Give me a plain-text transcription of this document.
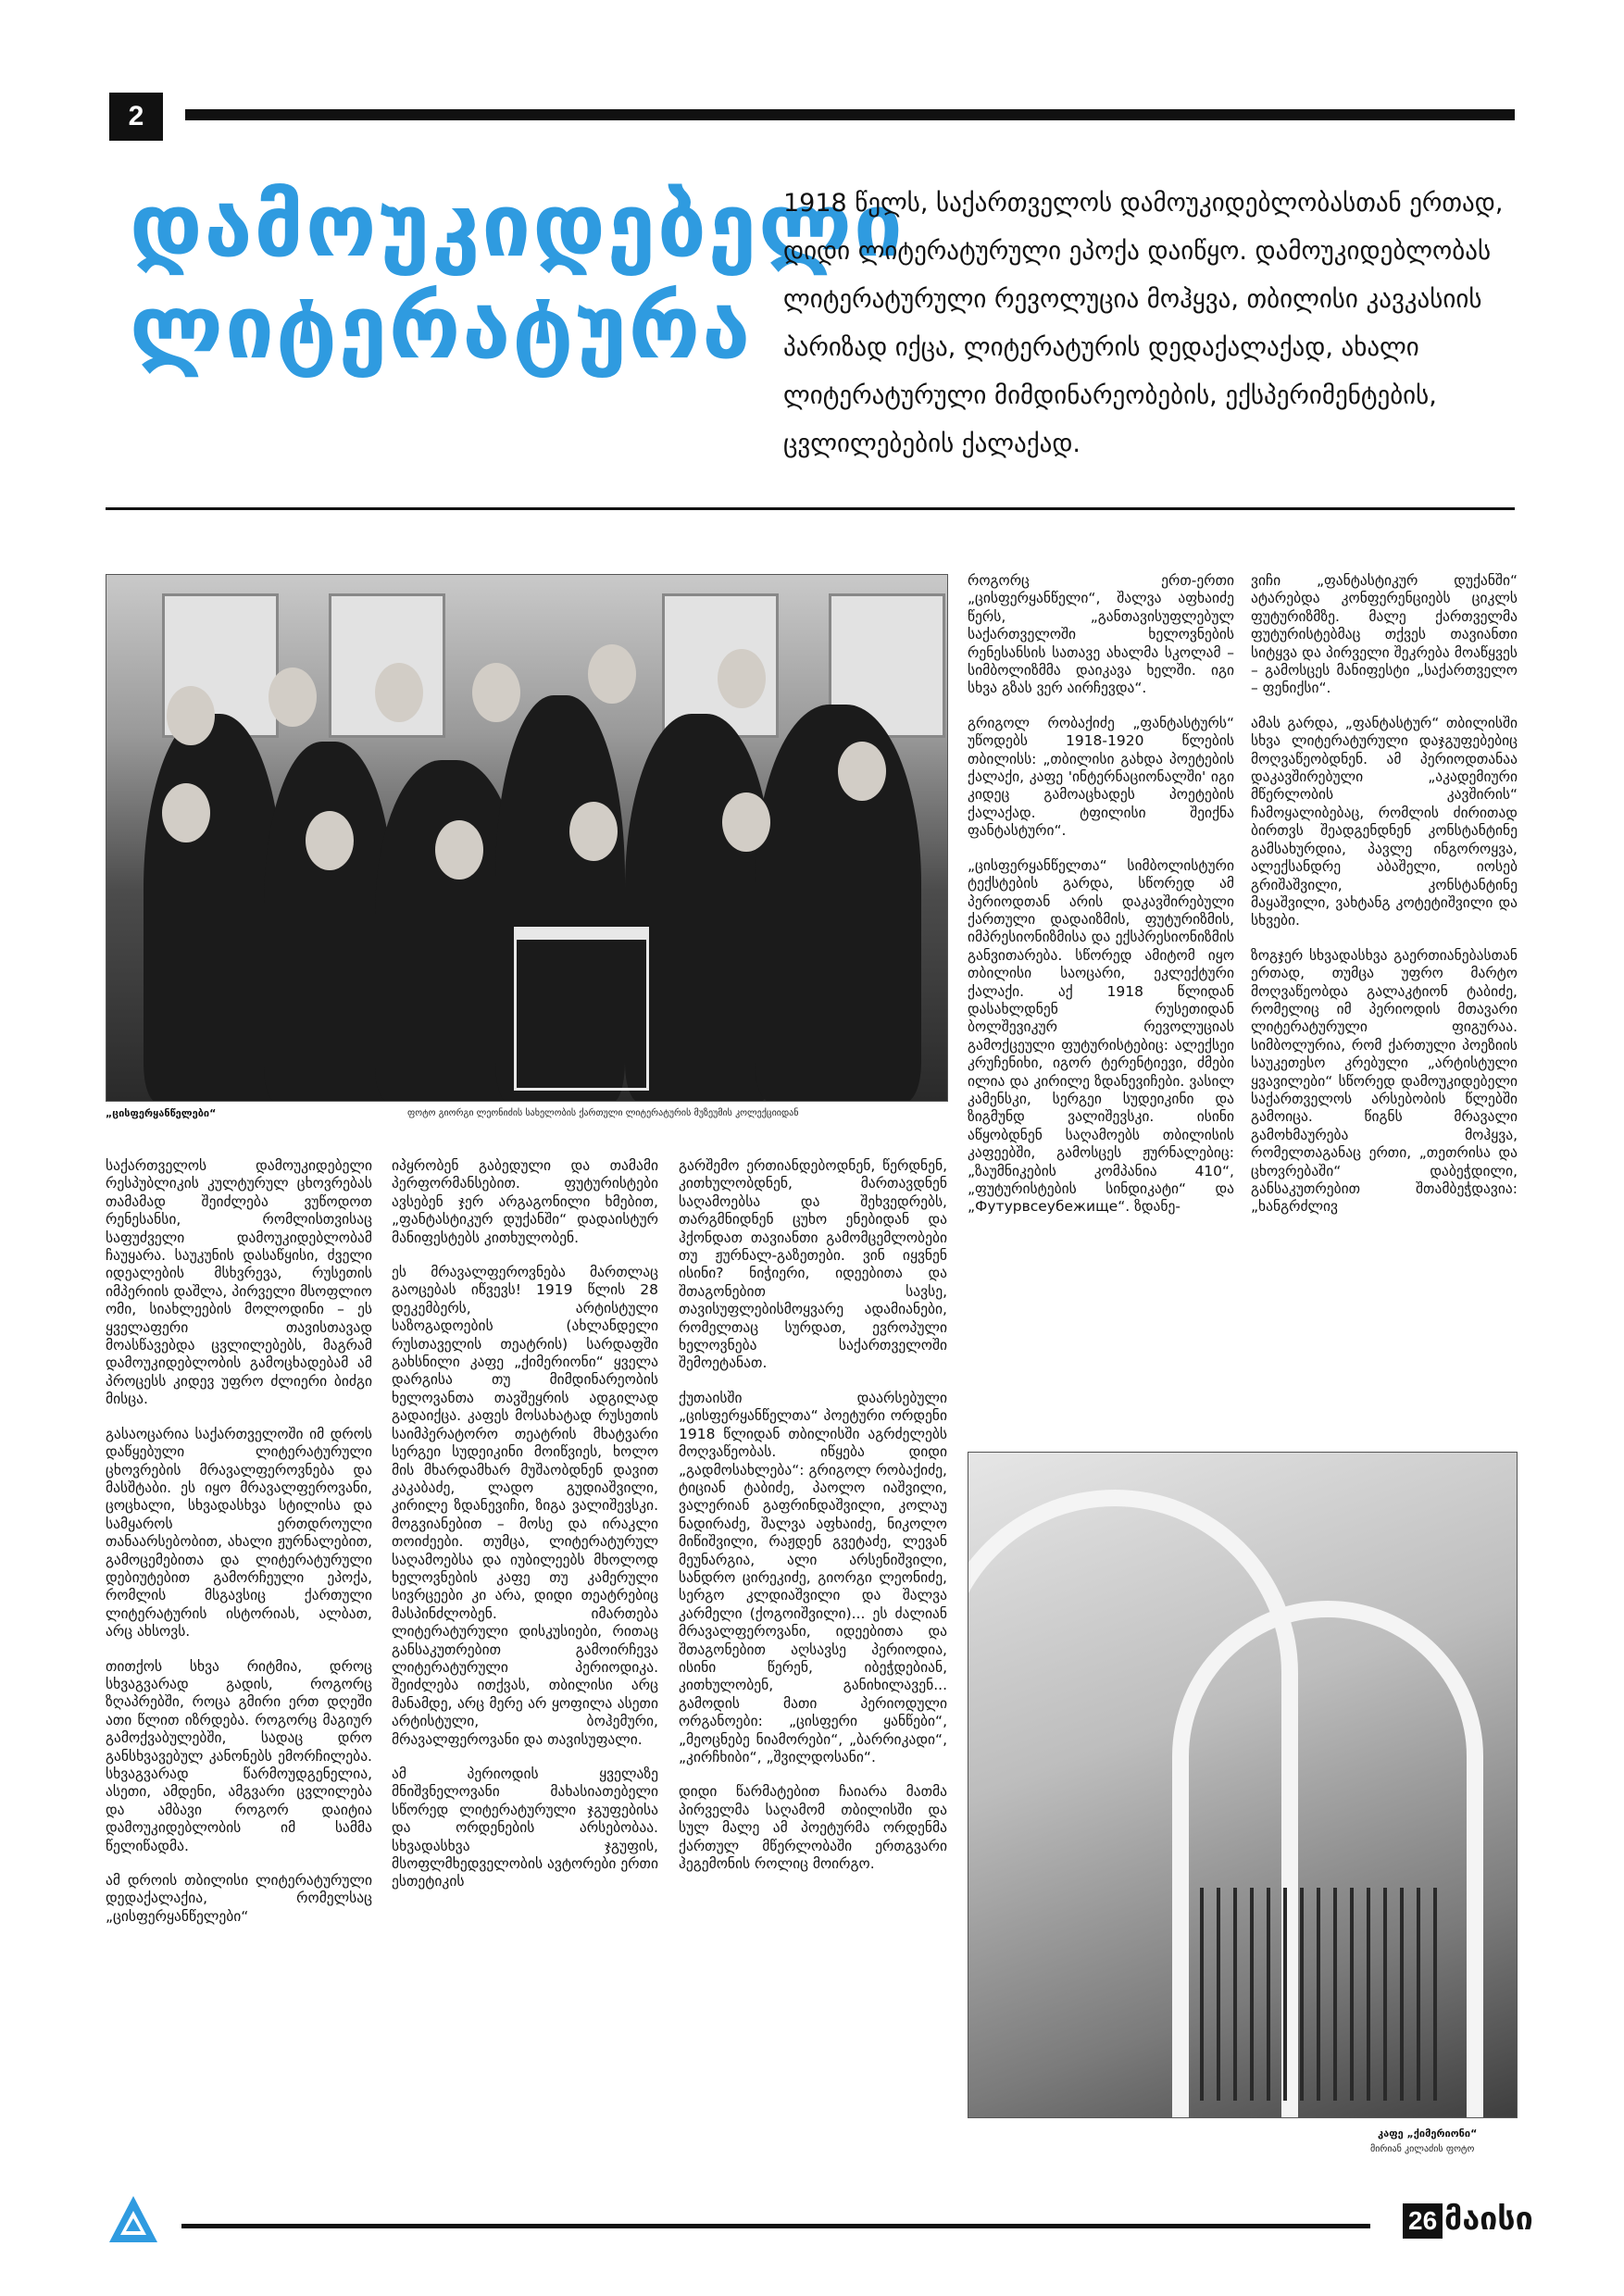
2
დამოუკიდებელი ლიტერატურა

1918 წელს, საქართველოს დამოუკიდებლობასთან ერთად, დიდი ლიტერატურული ეპოქა დაიწყო. დამოუკიდებლობას ლიტერატურული რევოლუცია მოჰყვა, თბილისი კავკასიის პარიზად იქცა, ლიტერატურის დედაქალაქად, ახალი ლიტერატურული მიმდინარეობების, ექსპერიმენტების, ცვლილებების ქალაქად.

„ცისფერყანწელები“	ფოტო გიორგი ლეონიძის სახელობის ქართული ლიტერატურის მუზეუმის კოლექციიდან

როგორც ერთ-ერთი „ცისფერყანწელი“, შალვა აფხაიძე წერს, „განთავისუფლებულ საქართველოში ხელოვნების რენესანსის სათავე ახალმა სკოლამ – სიმბოლიზმმა დაიკავა ხელში. იგი სხვა გზას ვერ აირჩევდა“.

გრიგოლ რობაქიძე „ფანტასტურს“ უწოდებს 1918-1920 წლების თბილისს: „თბილისი გახდა პოეტების ქალაქი, კაფე 'ინტერნაციონალში' იგი კიდეც გამოაცხადეს პოეტების ქალაქად. ტფილისი შეიქნა ფანტასტური“.

„ცისფერყანწელთა“ სიმბოლისტური ტექსტების გარდა, სწორედ ამ პერიოდთან არის დაკავშირებული ქართული დადაიზმის, ფუტურიზმის, იმპრესიონიზმისა და ექსპრესიონიზმის განვითარება. სწორედ ამიტომ იყო თბილისი საოცარი, ეკლექტური ქალაქი. აქ 1918 წლიდან დასახლდნენ რუსეთიდან ბოლშევიკურ რევოლუციას გამოქცეული ფუტურისტებიც: ალექსეი კრუჩენიხი, იგორ ტერენტიევი, ძმები ილია და კირილე ზდანევიჩები. ვასილ კამენსკი, სერგეი სუდეიკინი და ზიგმუნდ ვალიშევსკი. ისინი აწყობდნენ საღამოებს თბილისის კაფეებში, გამოსცეს ჟურნალებიც: „ზაუმნიკების კომპანია 410“, „ფუტურისტების სინდიკატი“ და „Футурвсеубежище“. ზდანე-

ვიჩი „ფანტასტიკურ დუქანში“ ატარებდა კონფერენციებს ციკლს ფუტურიზმზე. მალე ქართველმა ფუტურისტებმაც თქვეს თავიანთი სიტყვა და პირველი შეკრება მოაწყვეს – გამოსცეს მანიფესტი „საქართველო – ფენიქსი“.

ამას გარდა, „ფანტასტურ“ თბილისში სხვა ლიტერატურული დაჯგუფებებიც მოღვაწეობდნენ. ამ პერიოდთანაა დაკავშირებული „აკადემიური მწერლობის კავშირის“ ჩამოყალიბებაც, რომლის ძირითად ბირთვს შეადგენდნენ კონსტანტინე გამსახურდია, პავლე ინგოროყვა, ალექსანდრე აბაშელი, იოსებ გრიშაშვილი, კონსტანტინე მაყაშვილი, ვახტანგ კოტეტიშვილი და სხვები.

ზოგჯერ სხვადასხვა გაერთიანებასთან ერთად, თუმცა უფრო მარტო მოღვაწეობდა გალაკტიონ ტაბიძე, რომელიც იმ პერიოდის მთავარი ლიტერატურული ფიგურაა. სიმბოლურია, რომ ქართული პოეზიის საუკეთესო კრებული „არტისტული ყვავილები“ სწორედ დამოუკიდებელი საქართველოს არსებობის წლებში გამოიცა. წიგნს მრავალი გამოხმაურება მოჰყვა, რომელთაგანაც ერთი, „თეთრისა და ცხოვრებაში“ დაბეჭდილი, განსაკუთრებით შთამბეჭდავია: „ხანგრძლივ

საქართველოს დამოუკიდებელი რესპუბლიკის კულტურულ ცხოვრებას თამამად შეიძლება ვუწოდოთ რენესანსი, რომლისთვისაც საფუძველი დამოუკიდებლობამ ჩაუყარა. საუკუნის დასაწყისი, ძველი იდეალების მსხვრევა, რუსეთის იმპერიის დაშლა, პირველი მსოფლიო ომი, სიახლეების მოლოდინი – ეს ყველაფერი თავისთავად მოასწავებდა ცვლილებებს, მაგრამ დამოუკიდებლობის გამოცხადებამ ამ პროცესს კიდევ უფრო ძლიერი ბიძგი მისცა.

გასაოცარია საქართველოში იმ დროს დაწყებული ლიტერატურული ცხოვრების მრავალფეროვნება და მასშტაბი. ეს იყო მრავალფეროვანი, ცოცხალი, სხვადასხვა სტილისა და სამყაროს ერთდროული თანაარსებობით, ახალი ჟურნალებით, გამოცემებითა და ლიტერატურული დებიუტებით გამორჩეული ეპოქა, რომლის მსგავსიც ქართული ლიტერატურის ისტორიას, ალბათ, არც ახსოვს.

თითქოს სხვა რიტმია, დროც სხვაგვარად გადის, როგორც ზღაპრებში, როცა გმირი ერთ დღეში ათი წლით იზრდება. როგორც მაგიურ გამოქვაბულებში, სადაც დრო განსხვავებულ კანონებს ემორჩილება. სხვაგვარად წარმოუდგენელია, ასეთი, ამდენი, ამგვარი ცვლილება და ამბავი როგორ დაიტია დამოუკიდებლობის იმ სამმა წელიწადმა.

ამ დროის თბილისი ლიტერატურული დედაქალაქია, რომელსაც „ცისფერყანწელები“

იპყრობენ გაბედული და თამამი პერფორმანსებით. ფუტურისტები ავსებენ ჯერ არგაგონილი ხმებით, „ფანტასტიკურ დუქანში“ დადაისტურ მანიფესტებს კითხულობენ.

ეს მრავალფეროვნება მართლაც გაოცებას იწვევს! 1919 წლის 28 დეკემბერს, არტისტული საზოგადოების (ახლანდელი რუსთაველის თეატრის) სარდაფში გახსნილი კაფე „ქიმერიონი“ ყველა დარგისა თუ მიმდინარეობის ხელოვანთა თავშეყრის ადგილად გადაიქცა. კაფეს მოსახატად რუსეთის საიმპერატორო თეატრის მხატვარი სერგეი სუდეიკინი მოიწვიეს, ხოლო მის მხარდამხარ მუშაობდნენ დავით კაკაბაძე, ლადო გუდიაშვილი, კირილე ზდანევიჩი, ზიგა ვალიშევსკი. მოგვიანებით – მოსე და ირაკლი თოიძეები. თუმცა, ლიტერატურულ საღამოებსა და იუბილეებს მხოლოდ ხელოვნების კაფე თუ კამერული სივრცეები კი არა, დიდი თეატრებიც მასპინძლობენ. იმართება ლიტერატურული დისკუსიები, რითაც განსაკუთრებით გამოირჩევა ლიტერატურული პერიოდიკა. შეიძლება ითქვას, თბილისი არც მანამდე, არც მერე არ ყოფილა ასეთი არტისტული, ბოჰემური, მრავალფეროვანი და თავისუფალი.

ამ პერიოდის ყველაზე მნიშვნელოვანი მახასიათებელი სწორედ ლიტერატურული ჯგუფებისა და ორდენების არსებობაა. სხვადასხვა ჯგუფის, მსოფლმხედველობის ავტორები ერთი ესთეტიკის

გარშემო ერთიანდებოდნენ, წერდნენ, კითხულობდნენ, მართავდნენ საღამოებსა და შეხვედრებს, თარგმნიდნენ ცუხო ენებიდან და ჰქონდათ თავიანთი გამომცემლობები თუ ჟურნალ-გაზეთები. ვინ იყვნენ ისინი? ნიჭიერი, იდეებითა და შთაგონებით სავსე, თავისუფლებისმოყვარე ადამიანები, რომელთაც სურდათ, ევროპული ხელოვნება საქართველოში შემოეტანათ.

ქუთაისში დაარსებული „ცისფერყანწელთა“ პოეტური ორდენი 1918 წლიდან თბილისში აგრძელებს მოღვაწეობას. იწყება დიდი „გადმოსახლება“: გრიგოლ რობაქიძე, ტიციან ტაბიძე, პაოლო იაშვილი, ვალერიან გაფრინდაშვილი, კოლაუ ნადირაძე, შალვა აფხაიძე, ნიკოლო მიწიშვილი, რაჟდენ გვეტაძე, ლევან მეუნარგია, ალი არსენიშვილი, სანდრო ცირეკიძე, გიორგი ლეონიძე, სერგო კლდიაშვილი და შალვა კარმელი (ქოგოიშვილი)... ეს ძალიან მრავალფეროვანი, იდეებითა და შთაგონებით აღსავსე პერიოდია, ისინი წერენ, იბეჭდებიან, კითხულობენ, განიხილავენ... გამოდის მათი პერიოდული ორგანოები: „ცისფერი ყანწები“, „მეოცნებე ნიამორები“, „ბარრიკადი“, „კირჩხიბი“, „შვილდოსანი“.

დიდი წარმატებით ჩაიარა მათმა პირველმა საღამომ თბილისში და სულ მალე ამ პოეტურმა ორდენმა ქართულ მწერლობაში ერთგვარი ჰეგემონის როლიც მოირგო.

კაფე „ქიმერიონი“
მირიან კილაძის ფოტო
26 მაისი
